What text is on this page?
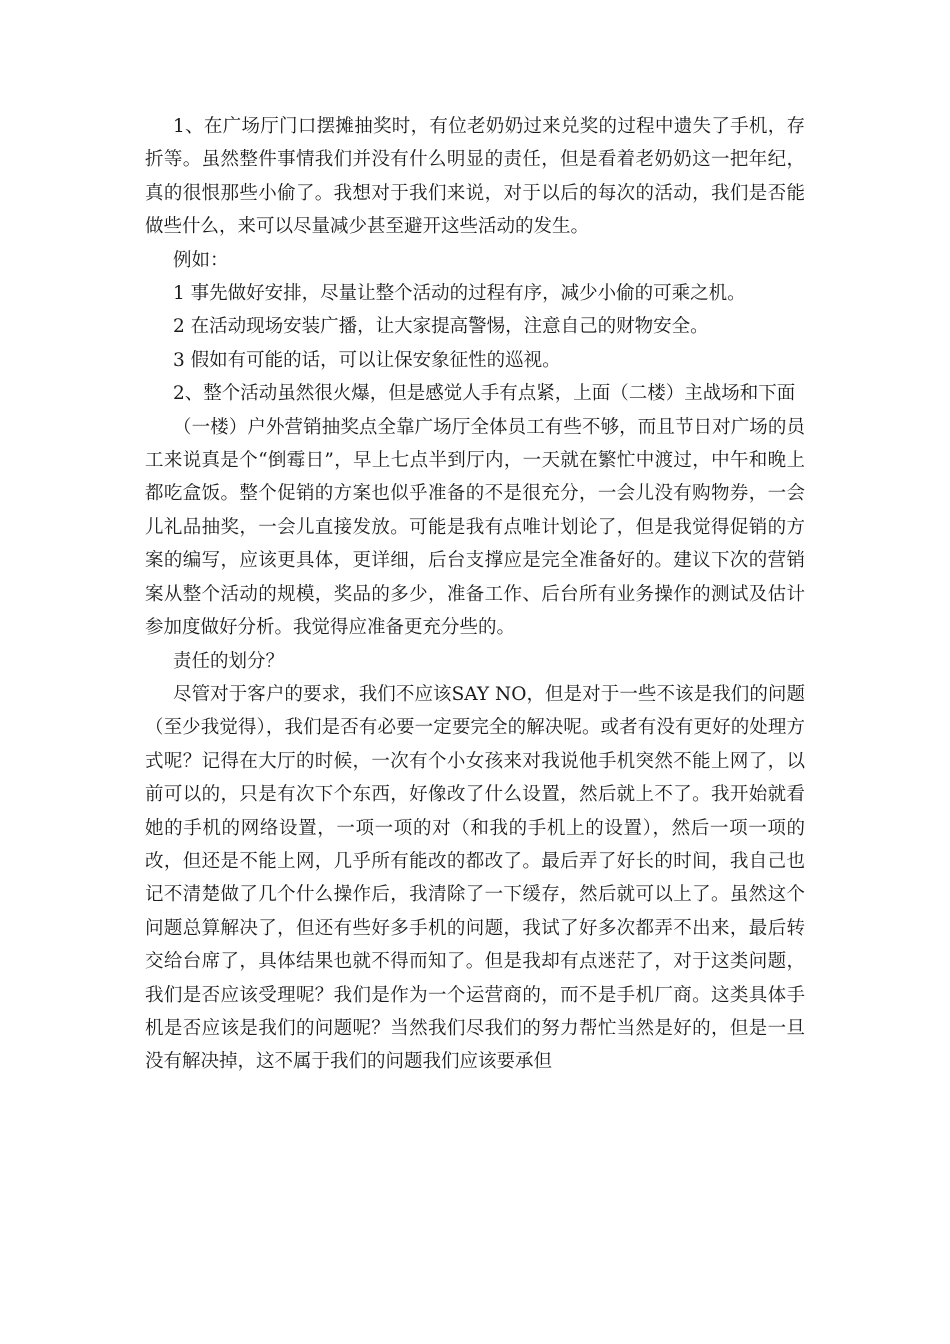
1、在广场厅门口摆摊抽奖时，有位老奶奶过来兑奖的过程中遗失了手机，存折等。虽然整件事情我们并没有什么明显的责任，但是看着老奶奶这一把年纪，真的很恨那些小偷了。我想对于我们来说，对于以后的每次的活动，我们是否能做些什么，来可以尽量减少甚至避开这些活动的发生。

例如：

1 事先做好安排，尽量让整个活动的过程有序，减少小偷的可乘之机。

2 在活动现场安装广播，让大家提高警惕，注意自己的财物安全。

3 假如有可能的话，可以让保安象征性的巡视。

2、整个活动虽然很火爆，但是感觉人手有点紧，上面（二楼）主战场和下面

（一楼）户外营销抽奖点全靠广场厅全体员工有些不够，而且节日对广场的员工来说真是个“倒霉日”，早上七点半到厅内，一天就在繁忙中渡过，中午和晚上都吃盒饭。整个促销的方案也似乎准备的不是很充分，一会儿没有购物券，一会儿礼品抽奖，一会儿直接发放。可能是我有点唯计划论了，但是我觉得促销的方案的编写，应该更具体，更详细，后台支撑应是完全准备好的。建议下次的营销案从整个活动的规模，奖品的多少，准备工作、后台所有业务操作的测试及估计参加度做好分析。我觉得应准备更充分些的。

责任的划分？

尽管对于客户的要求，我们不应该SAY NO，但是对于一些不该是我们的问题（至少我觉得），我们是否有必要一定要完全的解决呢。或者有没有更好的处理方式呢？记得在大厅的时候，一次有个小女孩来对我说他手机突然不能上网了，以前可以的，只是有次下个东西，好像改了什么设置，然后就上不了。我开始就看她的手机的网络设置，一项一项的对（和我的手机上的设置），然后一项一项的改，但还是不能上网，几乎所有能改的都改了。最后弄了好长的时间，我自己也记不清楚做了几个什么操作后，我清除了一下缓存，然后就可以上了。虽然这个问题总算解决了，但还有些好多手机的问题，我试了好多次都弄不出来，最后转交给台席了，具体结果也就不得而知了。但是我却有点迷茫了，对于这类问题，我们是否应该受理呢？我们是作为一个运营商的，而不是手机厂商。这类具体手机是否应该是我们的问题呢？当然我们尽我们的努力帮忙当然是好的，但是一旦没有解决掉，这不属于我们的问题我们应该要承但
